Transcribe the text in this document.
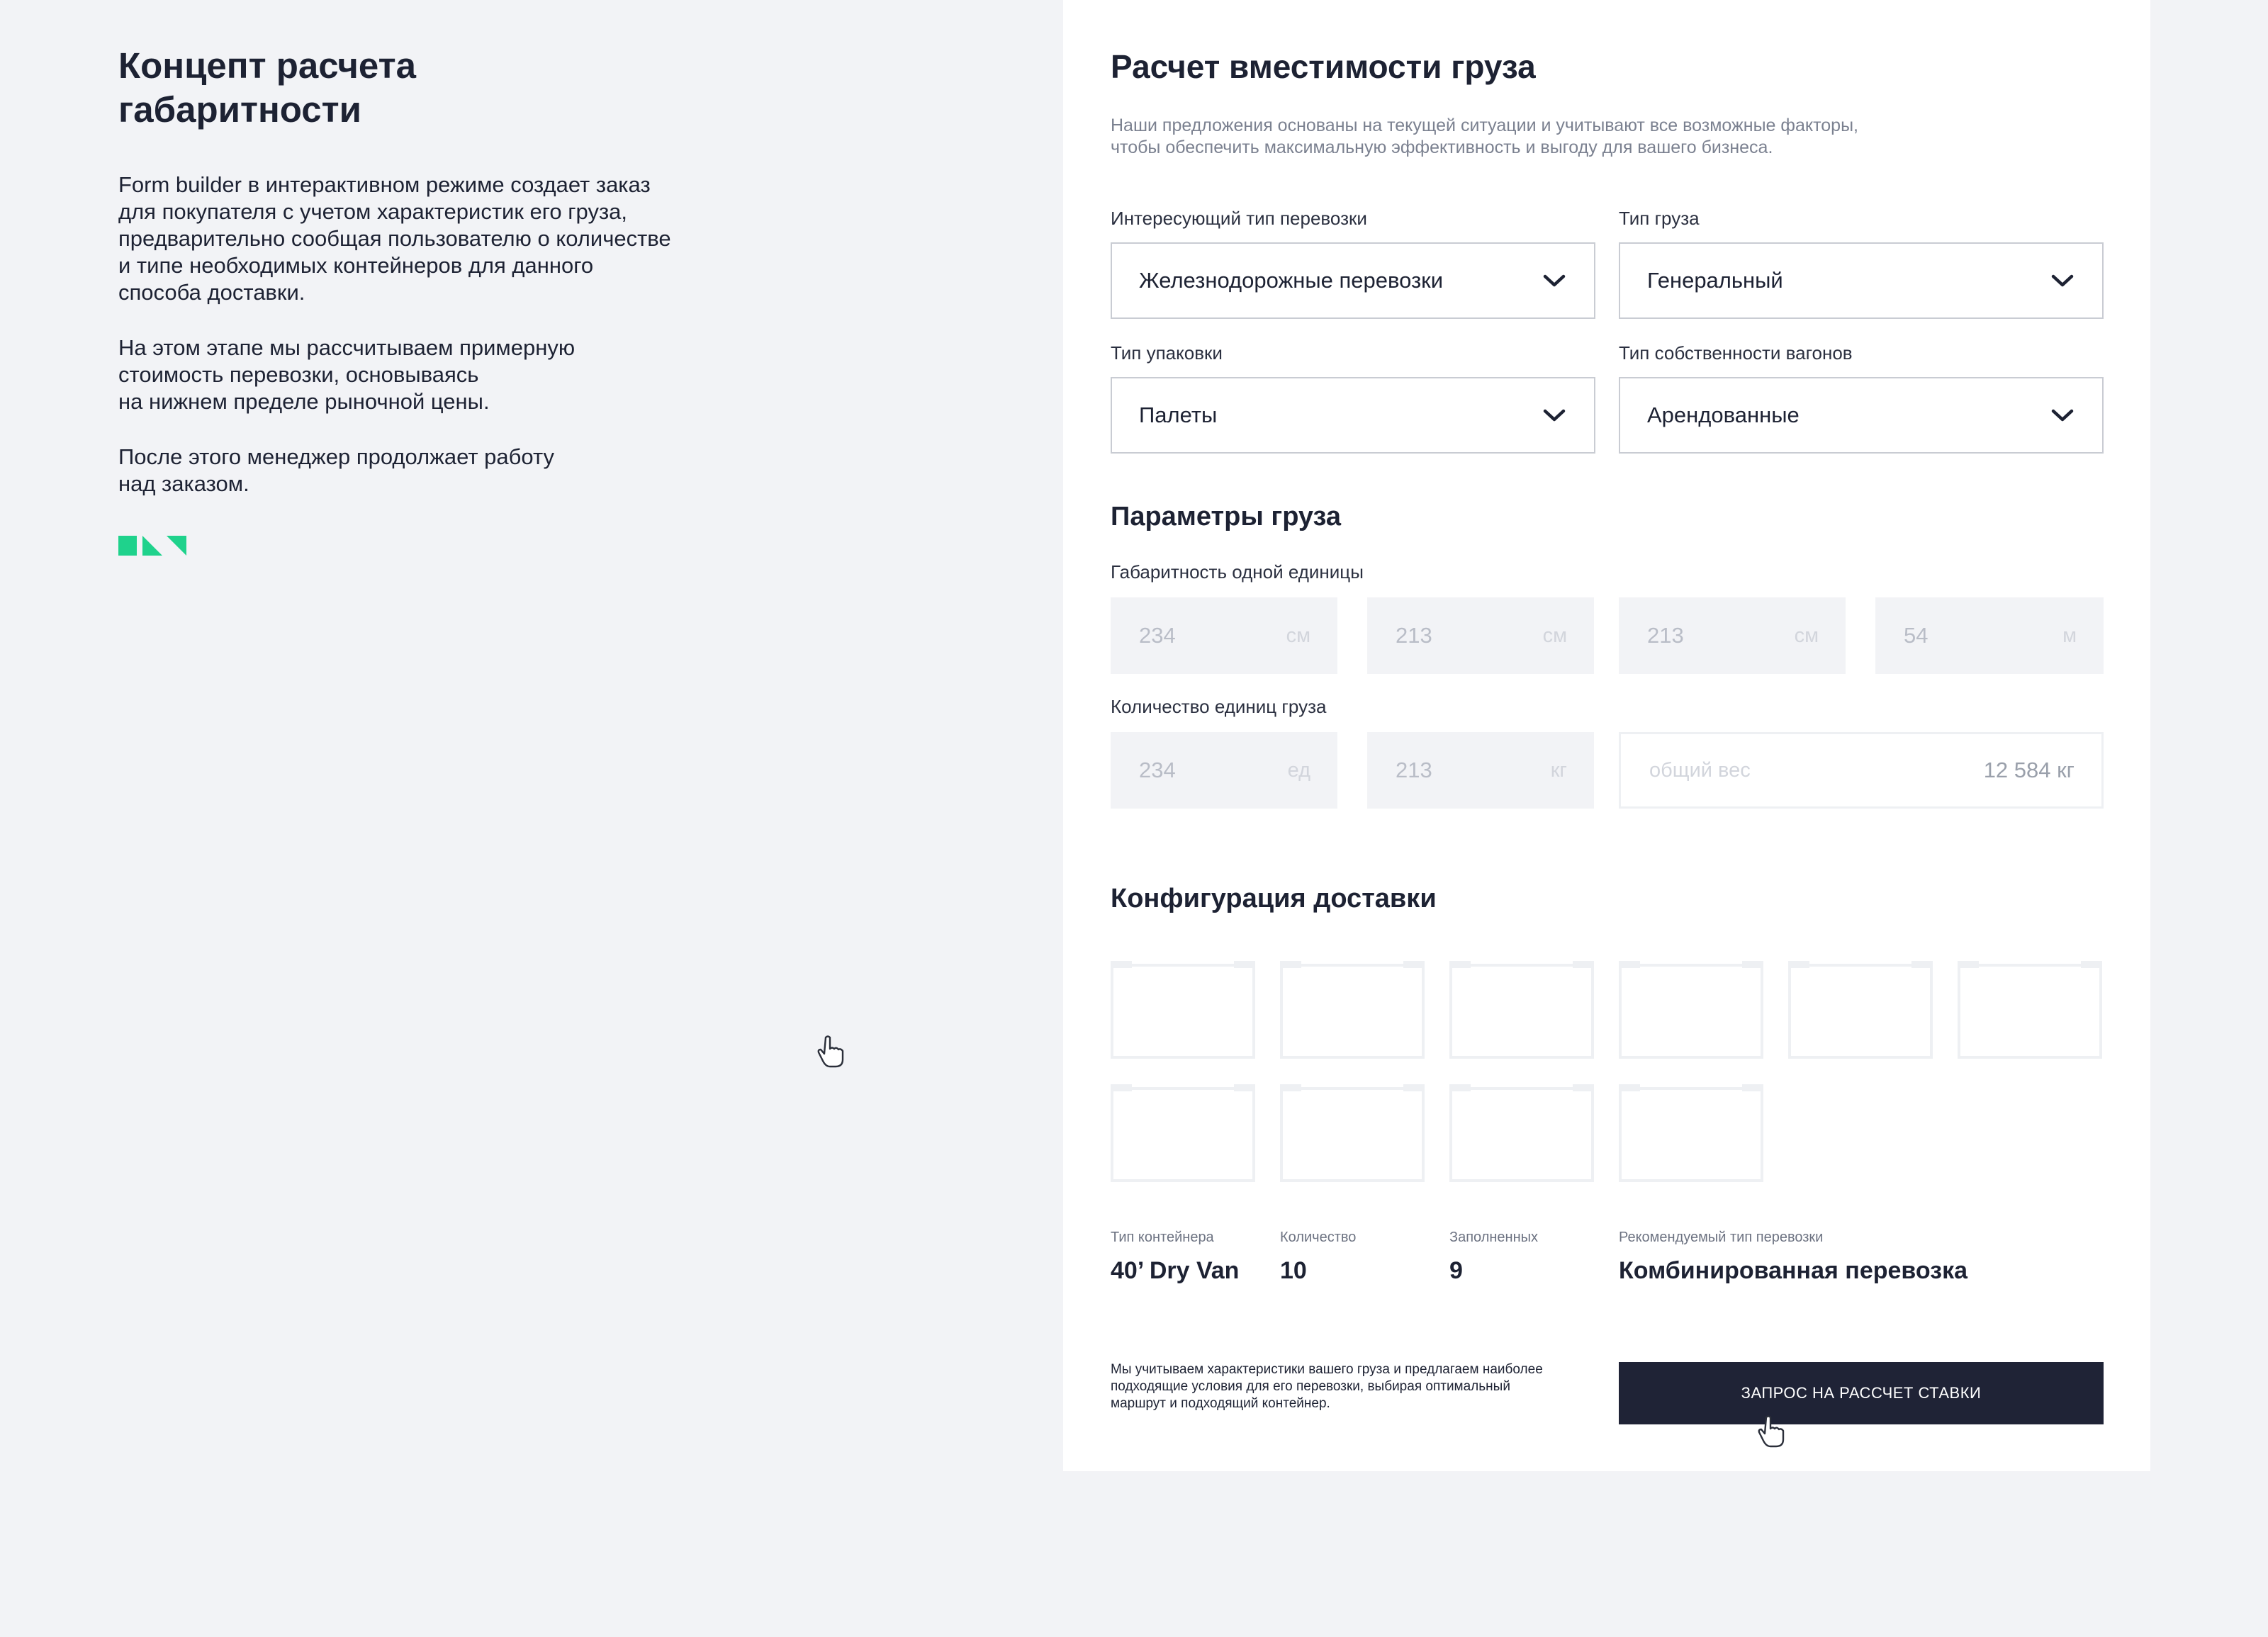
Концепт расчета габаритности

Form builder в интерактивном режиме создает заказ
для покупателя с учетом характеристик его груза,
предварительно сообщая пользователю о количестве
и типе необходимых контейнеров для данного
способа доставки.

На этом этапе мы рассчитываем примерную
стоимость перевозки, основываясь
на нижнем пределе рыночной цены.

После этого менеджер продолжает работу
над заказом.

Расчет вместимости груза

Наши предложения основаны на текущей ситуации и учитывают все возможные факторы,
чтобы обеспечить максимальную эффективность и выгоду для вашего бизнеса.

Интересующий тип перевозки
Железнодорожные перевозки
Тип груза
Генеральный
Тип упаковки
Палеты
Тип собственности вагонов
Арендованные
Параметры груза
Габаритность одной единицы
234	см	213	см	213	см	54	м
Количество единиц груза
234	ед	213	кг	общий вес	12 584 кг
Конфигурация доставки
Тип контейнера
40’ Dry Van
Количество
10
Заполненных
9
Рекомендуемый тип перевозки
Комбинированная перевозка
Мы учитываем характеристики вашего груза и предлагаем наиболее
подходящие условия для его перевозки, выбирая оптимальный
маршрут и подходящий контейнер.
ЗАПРОС НА РАССЧЕТ СТАВКИ
